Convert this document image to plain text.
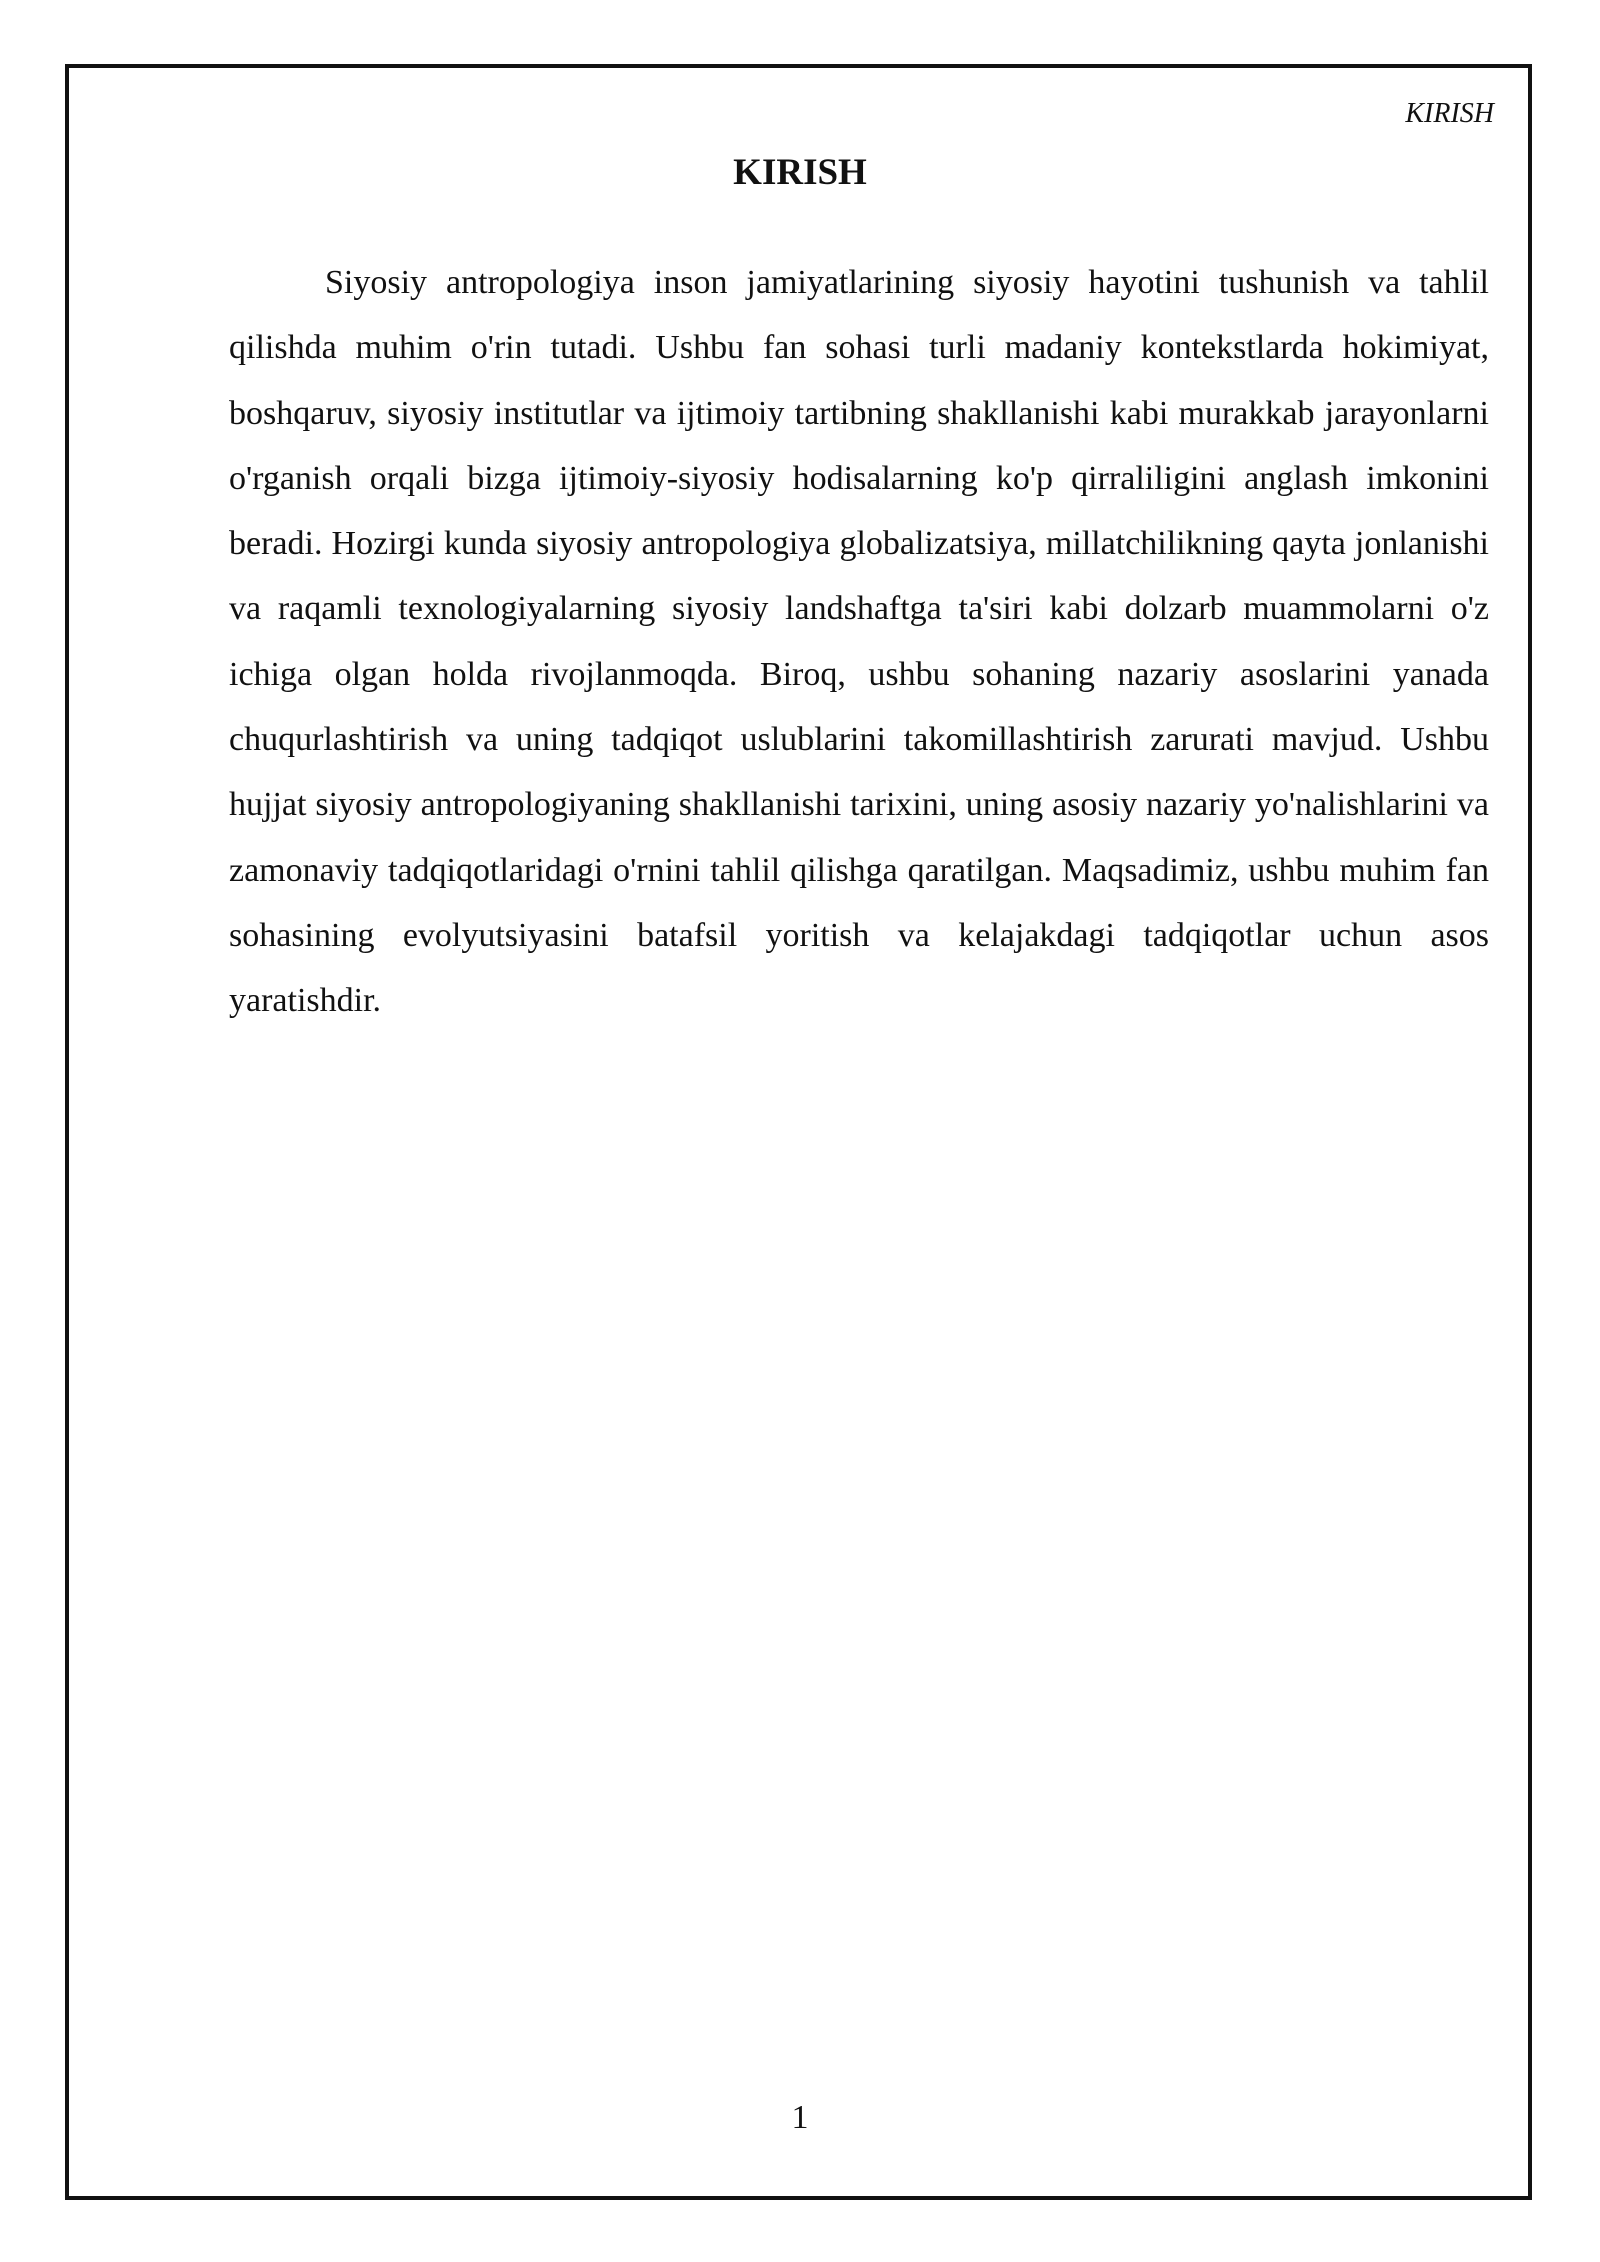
KIRISH

KIRISH

Siyosiy antropologiya inson jamiyatlarining siyosiy hayotini tushunish va tahlil qilishda muhim o'rin tutadi. Ushbu fan sohasi turli madaniy kontekstlarda hokimiyat, boshqaruv, siyosiy institutlar va ijtimoiy tartibning shakllanishi kabi murakkab jarayonlarni o'rganish orqali bizga ijtimoiy-siyosiy hodisalarning ko'p qirraliligini anglash imkonini beradi. Hozirgi kunda siyosiy antropologiya globalizatsiya, millatchilikning qayta jonlanishi va raqamli texnologiyalarning siyosiy landshaftga ta'siri kabi dolzarb muammolarni o'z ichiga olgan holda rivojlanmoqda. Biroq, ushbu sohaning nazariy asoslarini yanada chuqurlashtirish va uning tadqiqot uslublarini takomillashtirish zarurati mavjud. Ushbu hujjat siyosiy antropologiyaning shakllanishi tarixini, uning asosiy nazariy yo'nalishlarini va zamonaviy tadqiqotlaridagi o'rnini tahlil qilishga qaratilgan. Maqsadimiz, ushbu muhim fan sohasining evolyutsiyasini batafsil yoritish va kelajakdagi tadqiqotlar uchun asos yaratishdir.

1
